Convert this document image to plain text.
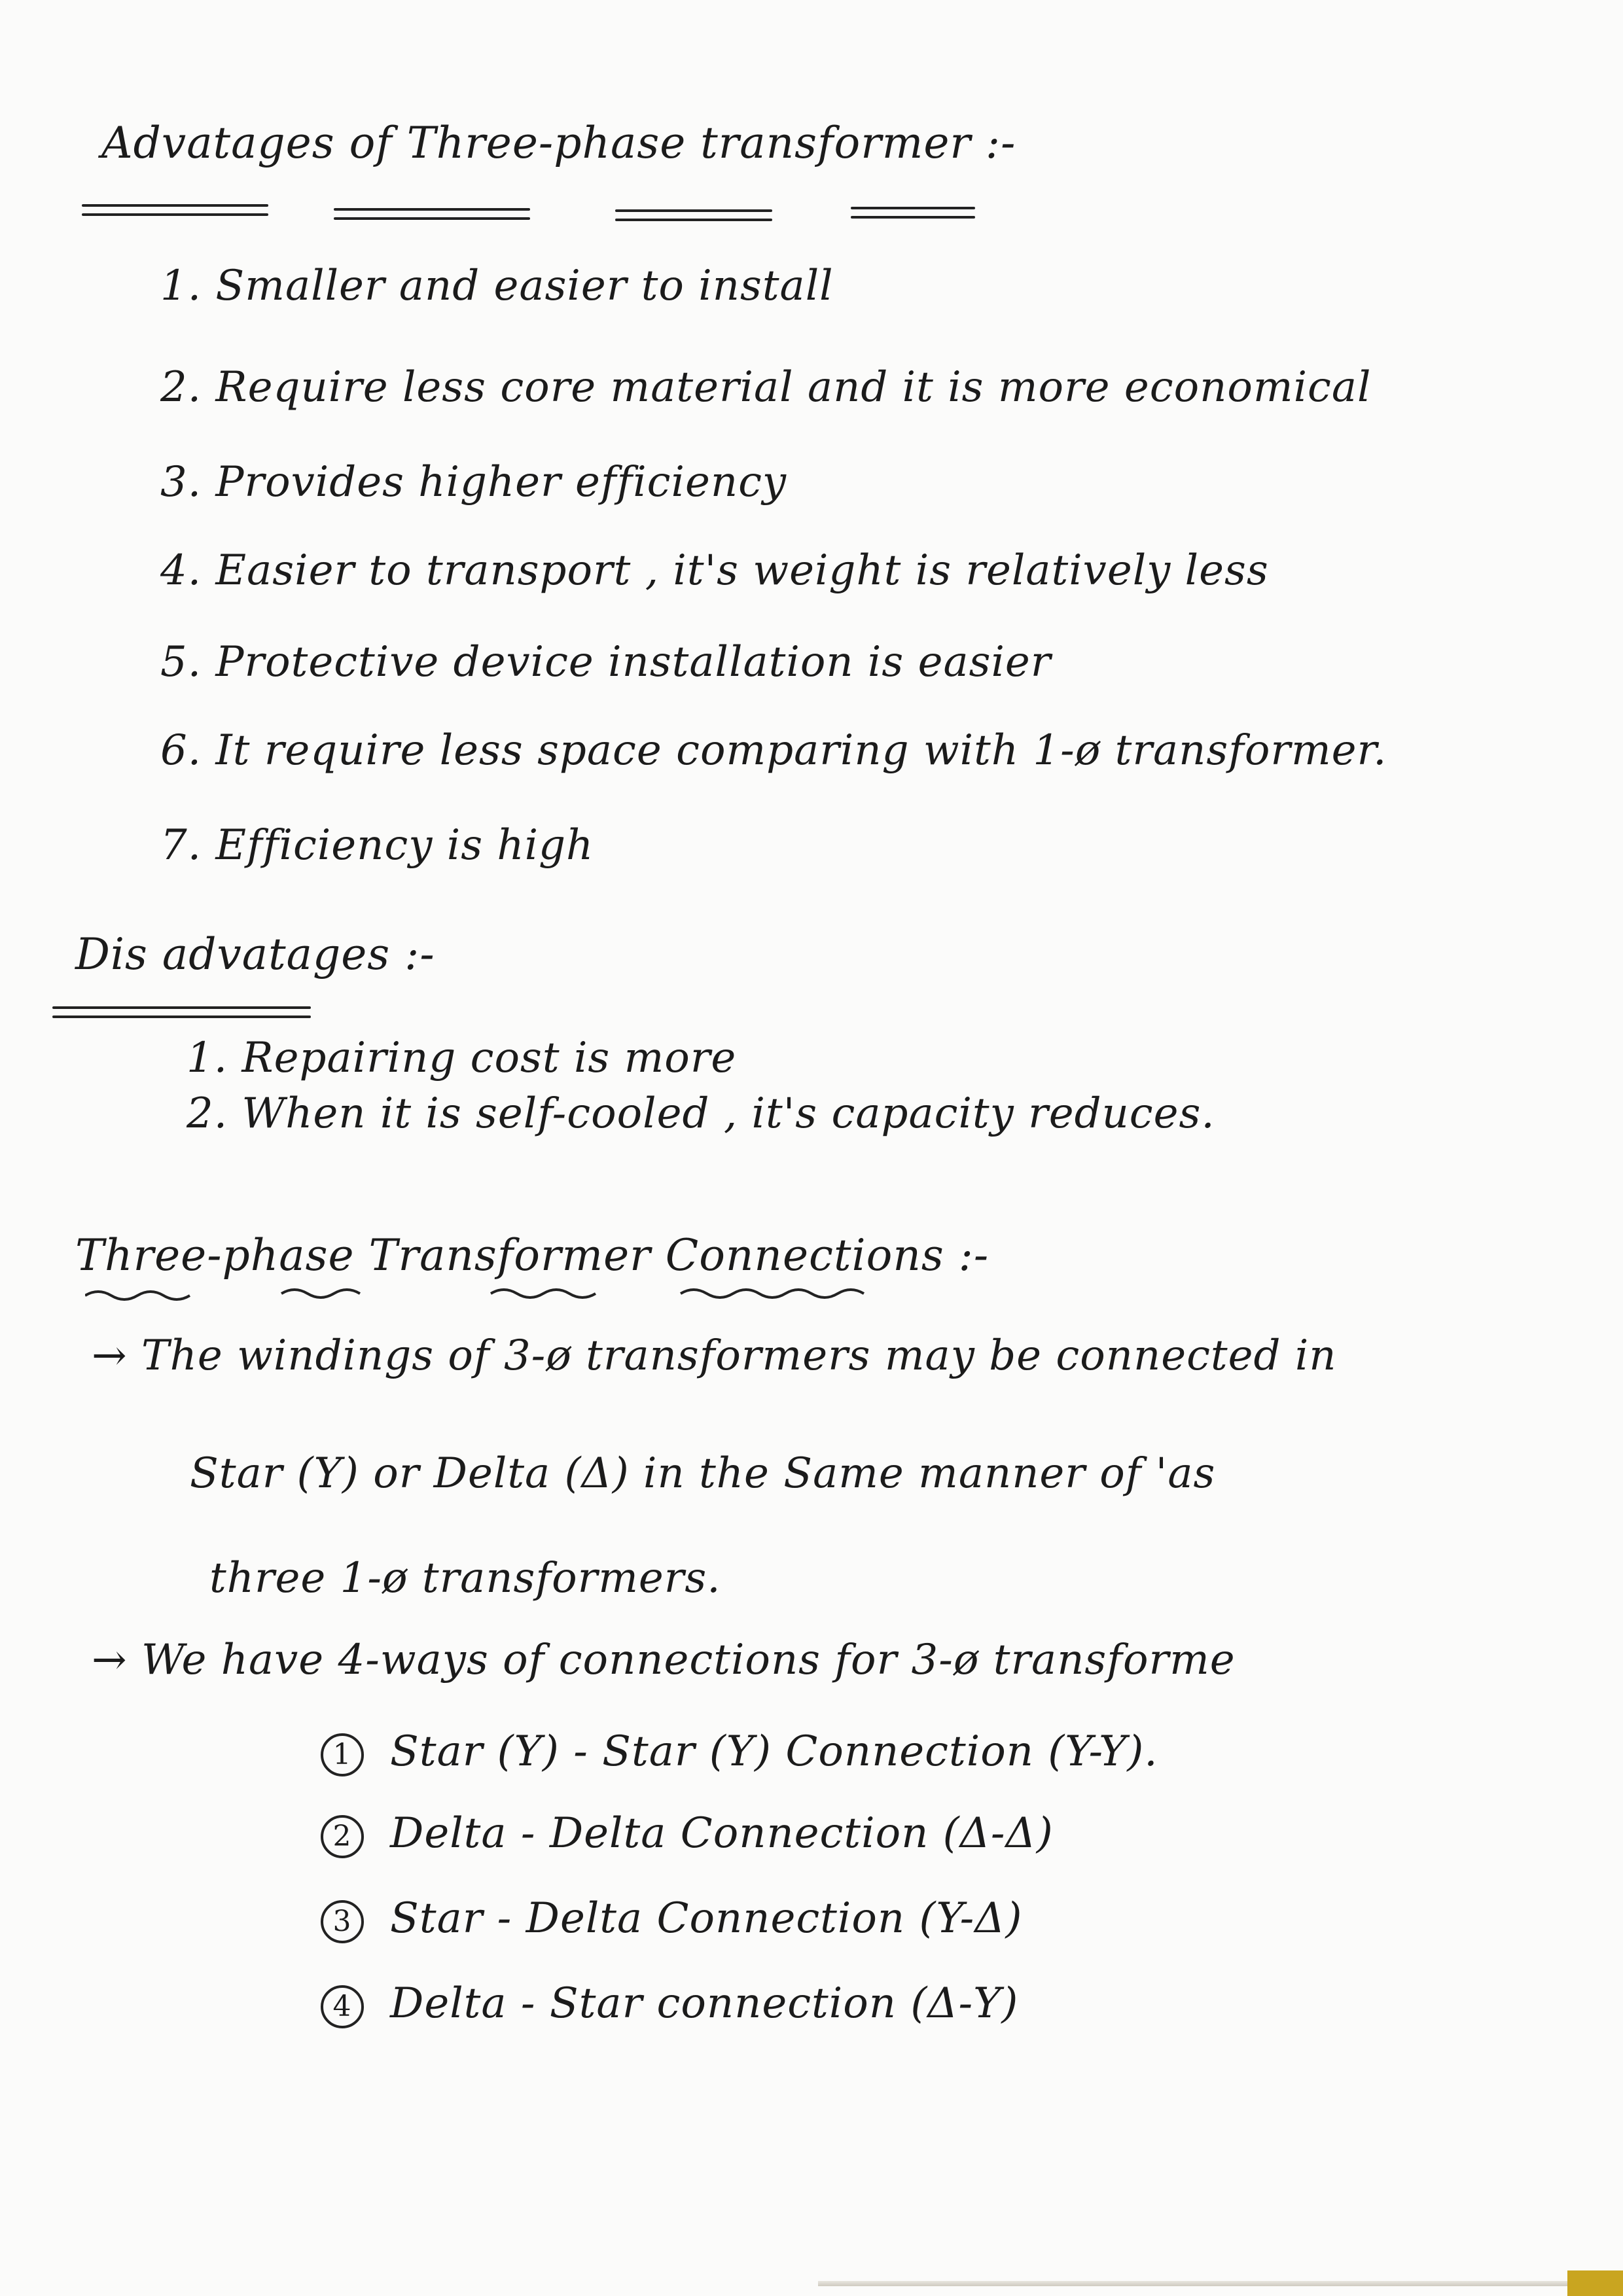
Advatages of Three-phase transformer :-
1. Smaller and easier to install
2. Require less core material and it is more economical
3. Provides higher efficiency
4. Easier to transport , it's weight is relatively less
5. Protective device installation is easier
6. It require less space comparing with 1-ø transformer.
7. Efficiency is high
Dis advatages :-
1. Repairing cost is more
2. When it is self-cooled , it's capacity reduces.
Three-phase Transformer Connections :-
→ The windings of 3-ø transformers may be connected in
Star (Y) or Delta (Δ) in the Same manner of 'as
three 1-ø transformers.
→ We have 4-ways of connections for 3-ø transforme
1 Star (Y) - Star (Y) Connection (Y-Y).
2 Delta - Delta Connection (Δ-Δ)
3 Star - Delta Connection (Y-Δ)
4 Delta - Star connection (Δ-Y)
